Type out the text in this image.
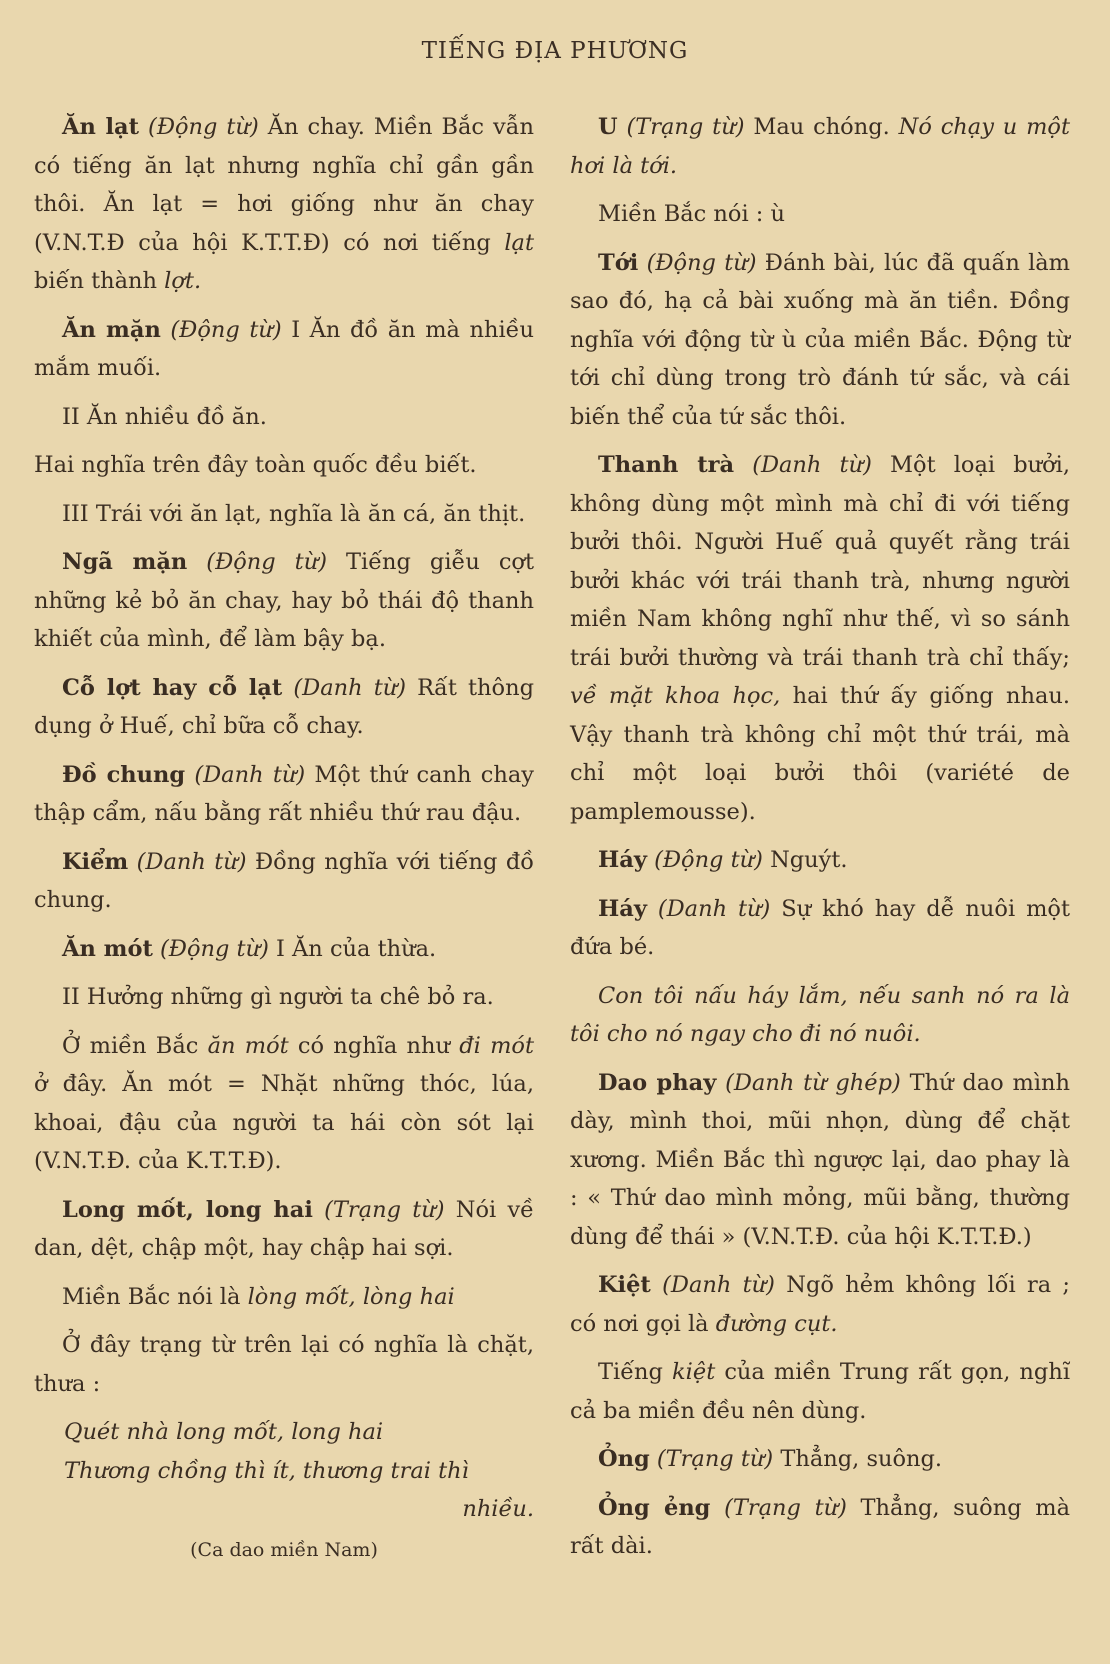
TIẾNG ĐỊA PHƯƠNG

Ăn lạt (Động từ) Ăn chay. Miền Bắc vẫn có tiếng ăn lạt nhưng nghĩa chỉ gần gần thôi. Ăn lạt = hơi giống như ăn chay (V.N.T.Đ của hội K.T.T.Đ) có nơi tiếng lạt biến thành lợt.

Ăn mặn (Động từ) I Ăn đồ ăn mà nhiều mắm muối.

II Ăn nhiều đồ ăn.

Hai nghĩa trên đây toàn quốc đều biết.

III Trái với ăn lạt, nghĩa là ăn cá, ăn thịt.

Ngã mặn (Động từ) Tiếng giễu cợt những kẻ bỏ ăn chay, hay bỏ thái độ thanh khiết của mình, để làm bậy bạ.

Cỗ lợt hay cỗ lạt (Danh từ) Rất thông dụng ở Huế, chỉ bữa cỗ chay.

Đồ chung (Danh từ) Một thứ canh chay thập cẩm, nấu bằng rất nhiều thứ rau đậu.

Kiểm (Danh từ) Đồng nghĩa với tiếng đồ chung.

Ăn mót (Động từ) I Ăn của thừa.

II Hưởng những gì người ta chê bỏ ra.

Ở miền Bắc ăn mót có nghĩa như đi mót ở đây. Ăn mót = Nhặt những thóc, lúa, khoai, đậu của người ta hái còn sót lại (V.N.T.Đ. của K.T.T.Đ).

Long mốt, long hai (Trạng từ) Nói về dan, dệt, chập một, hay chập hai sợi.

Miền Bắc nói là lòng mốt, lòng hai

Ở đây trạng từ trên lại có nghĩa là chặt, thưa :

Quét nhà long mốt, long hai

Thương chồng thì ít, thương trai thì

nhiều.

(Ca dao miền Nam)

U (Trạng từ) Mau chóng. Nó chạy u một hơi là tới.

Miền Bắc nói : ù

Tới (Động từ) Đánh bài, lúc đã quấn làm sao đó, hạ cả bài xuống mà ăn tiền. Đồng nghĩa với động từ ù của miền Bắc. Động từ tới chỉ dùng trong trò đánh tứ sắc, và cái biến thể của tứ sắc thôi.

Thanh trà (Danh từ) Một loại bưởi, không dùng một mình mà chỉ đi với tiếng bưởi thôi. Người Huế quả quyết rằng trái bưởi khác với trái thanh trà, nhưng người miền Nam không nghĩ như thế, vì so sánh trái bưởi thường và trái thanh trà chỉ thấy; về mặt khoa học, hai thứ ấy giống nhau. Vậy thanh trà không chỉ một thứ trái, mà chỉ một loại bưởi thôi (variété de pamplemousse).

Háy (Động từ) Nguýt.

Háy (Danh từ) Sự khó hay dễ nuôi một đứa bé.

Con tôi nấu háy lắm, nếu sanh nó ra là tôi cho nó ngay cho đi nó nuôi.

Dao phay (Danh từ ghép) Thứ dao mình dày, mình thoi, mũi nhọn, dùng để chặt xương. Miền Bắc thì ngược lại, dao phay là : « Thứ dao mình mỏng, mũi bằng, thường dùng để thái » (V.N.T.Đ. của hội K.T.T.Đ.)

Kiệt (Danh từ) Ngõ hẻm không lối ra ; có nơi gọi là đường cụt.

Tiếng kiệt của miền Trung rất gọn, nghĩ cả ba miền đều nên dùng.

Ỏng (Trạng từ) Thẳng, suông.

Ỏng ẻng (Trạng từ) Thẳng, suông mà rất dài.
